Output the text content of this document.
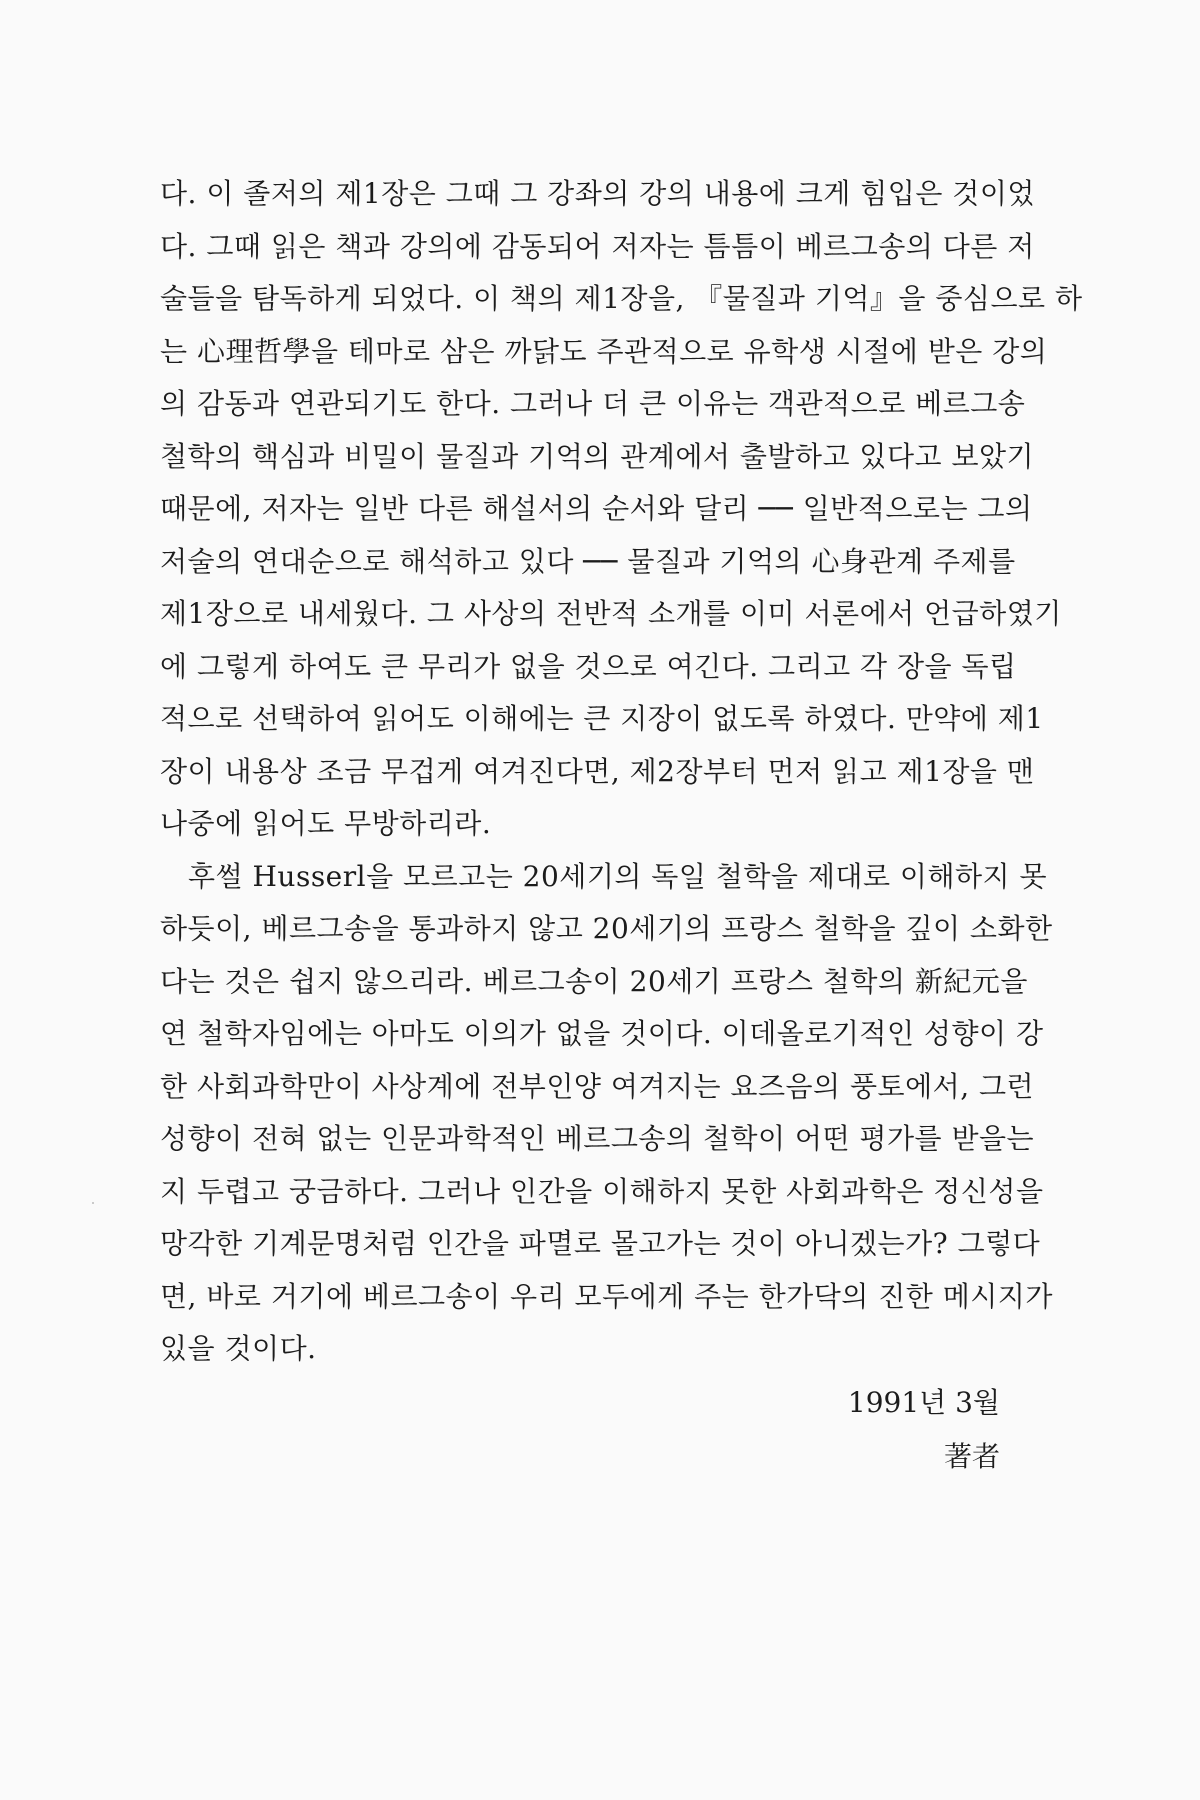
다. 이 졸저의 제1장은 그때 그 강좌의 강의 내용에 크게 힘입은 것이었
다. 그때 읽은 책과 강의에 감동되어 저자는 틈틈이 베르그송의 다른 저
술들을 탐독하게 되었다. 이 책의 제1장을, 『물질과 기억』을 중심으로 하
는 心理哲學을 테마로 삼은 까닭도 주관적으로 유학생 시절에 받은 강의
의 감동과 연관되기도 한다. 그러나 더 큰 이유는 객관적으로 베르그송
철학의 핵심과 비밀이 물질과 기억의 관계에서 출발하고 있다고 보았기
때문에, 저자는 일반 다른 해설서의 순서와 달리 ── 일반적으로는 그의
저술의 연대순으로 해석하고 있다 ── 물질과 기억의 心身관계 주제를
제1장으로 내세웠다. 그 사상의 전반적 소개를 이미 서론에서 언급하였기
에 그렇게 하여도 큰 무리가 없을 것으로 여긴다. 그리고 각 장을 독립
적으로 선택하여 읽어도 이해에는 큰 지장이 없도록 하였다. 만약에 제1
장이 내용상 조금 무겁게 여겨진다면, 제2장부터 먼저 읽고 제1장을 맨
나중에 읽어도 무방하리라.
후썰 Husserl을 모르고는 20세기의 독일 철학을 제대로 이해하지 못
하듯이, 베르그송을 통과하지 않고 20세기의 프랑스 철학을 깊이 소화한
다는 것은 쉽지 않으리라. 베르그송이 20세기 프랑스 철학의 新紀元을
연 철학자임에는 아마도 이의가 없을 것이다. 이데올로기적인 성향이 강
한 사회과학만이 사상계에 전부인양 여겨지는 요즈음의 풍토에서, 그런
성향이 전혀 없는 인문과학적인 베르그송의 철학이 어떤 평가를 받을는
지 두렵고 궁금하다. 그러나 인간을 이해하지 못한 사회과학은 정신성을
망각한 기계문명처럼 인간을 파멸로 몰고가는 것이 아니겠는가? 그렇다
면, 바로 거기에 베르그송이 우리 모두에게 주는 한가닥의 진한 메시지가
있을 것이다.
1991년 3월
著者
